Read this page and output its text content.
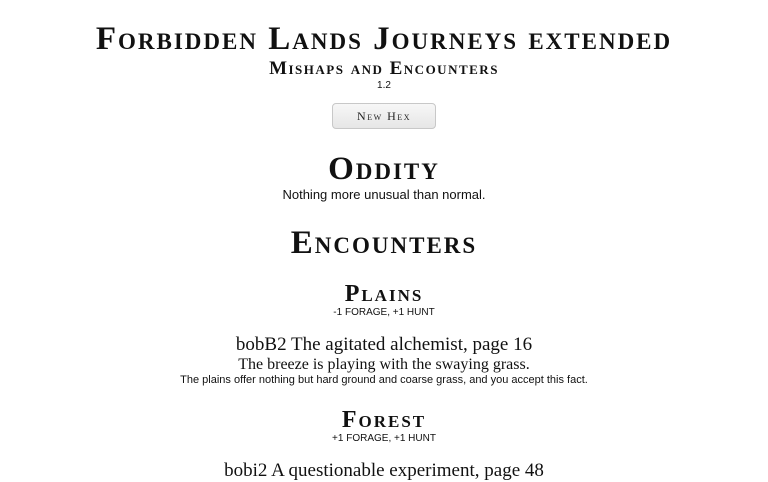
Forbidden Lands Journeys extended
Mishaps and Encounters
1.2
New Hex
Oddity
Nothing more unusual than normal.
Encounters
Plains
-1 FORAGE, +1 HUNT
bobB2 The agitated alchemist, page 16
The breeze is playing with the swaying grass.
The plains offer nothing but hard ground and coarse grass, and you accept this fact.
Forest
+1 FORAGE, +1 HUNT
bobi2 A questionable experiment, page 48
